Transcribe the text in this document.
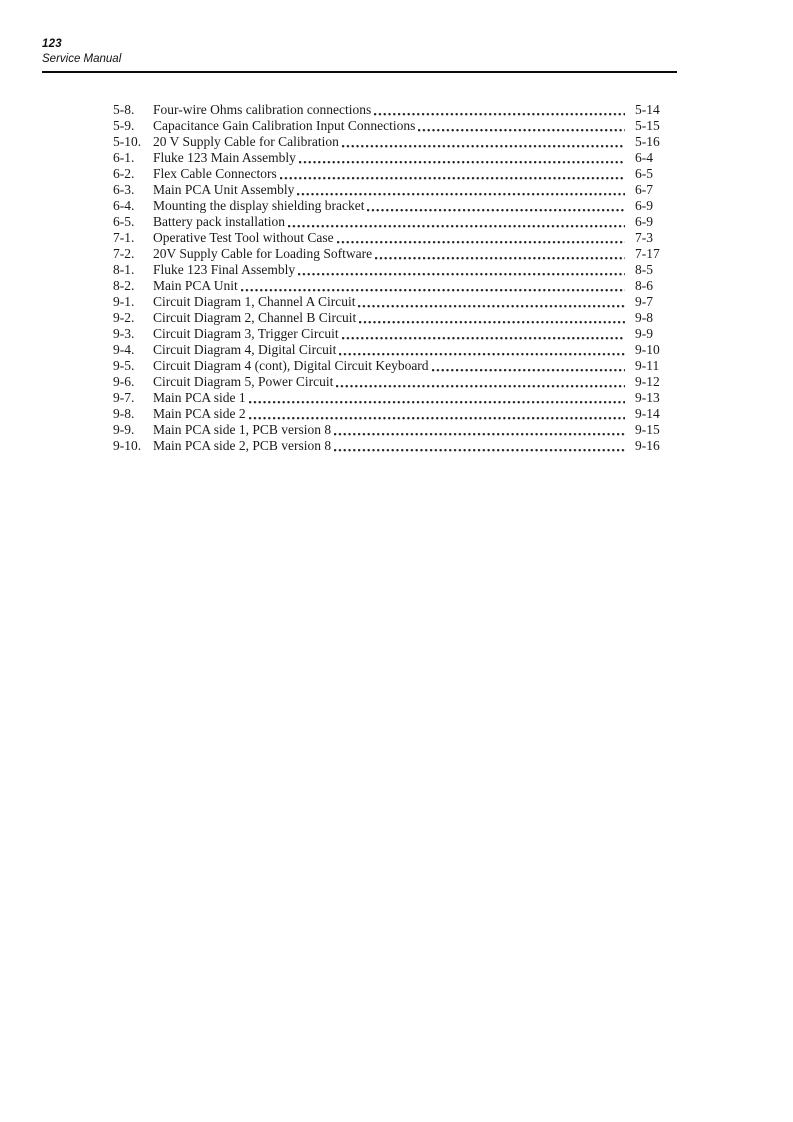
123
Service Manual
5-8.	Four-wire Ohms calibration connections	5-14
5-9.	Capacitance Gain Calibration Input Connections	5-15
5-10. 20 V Supply Cable for Calibration	5-16
6-1.	Fluke 123 Main Assembly	6-4
6-2.	Flex Cable Connectors	6-5
6-3.	Main PCA Unit Assembly	6-7
6-4.	Mounting the display shielding bracket	6-9
6-5.	Battery pack installation	6-9
7-1.	Operative Test Tool without Case	7-3
7-2.	20V Supply Cable for Loading Software	7-17
8-1.	Fluke 123 Final Assembly	8-5
8-2.	Main PCA Unit	8-6
9-1.	Circuit Diagram 1, Channel A Circuit	9-7
9-2.	Circuit Diagram 2, Channel B Circuit	9-8
9-3.	Circuit Diagram 3, Trigger Circuit	9-9
9-4.	Circuit Diagram 4, Digital Circuit	9-10
9-5.	Circuit Diagram 4 (cont), Digital Circuit Keyboard	9-11
9-6.	Circuit Diagram 5, Power Circuit	9-12
9-7.	Main PCA side 1	9-13
9-8.	Main PCA side 2	9-14
9-9.	Main PCA side 1, PCB version 8	9-15
9-10. Main PCA side 2, PCB version 8	9-16
